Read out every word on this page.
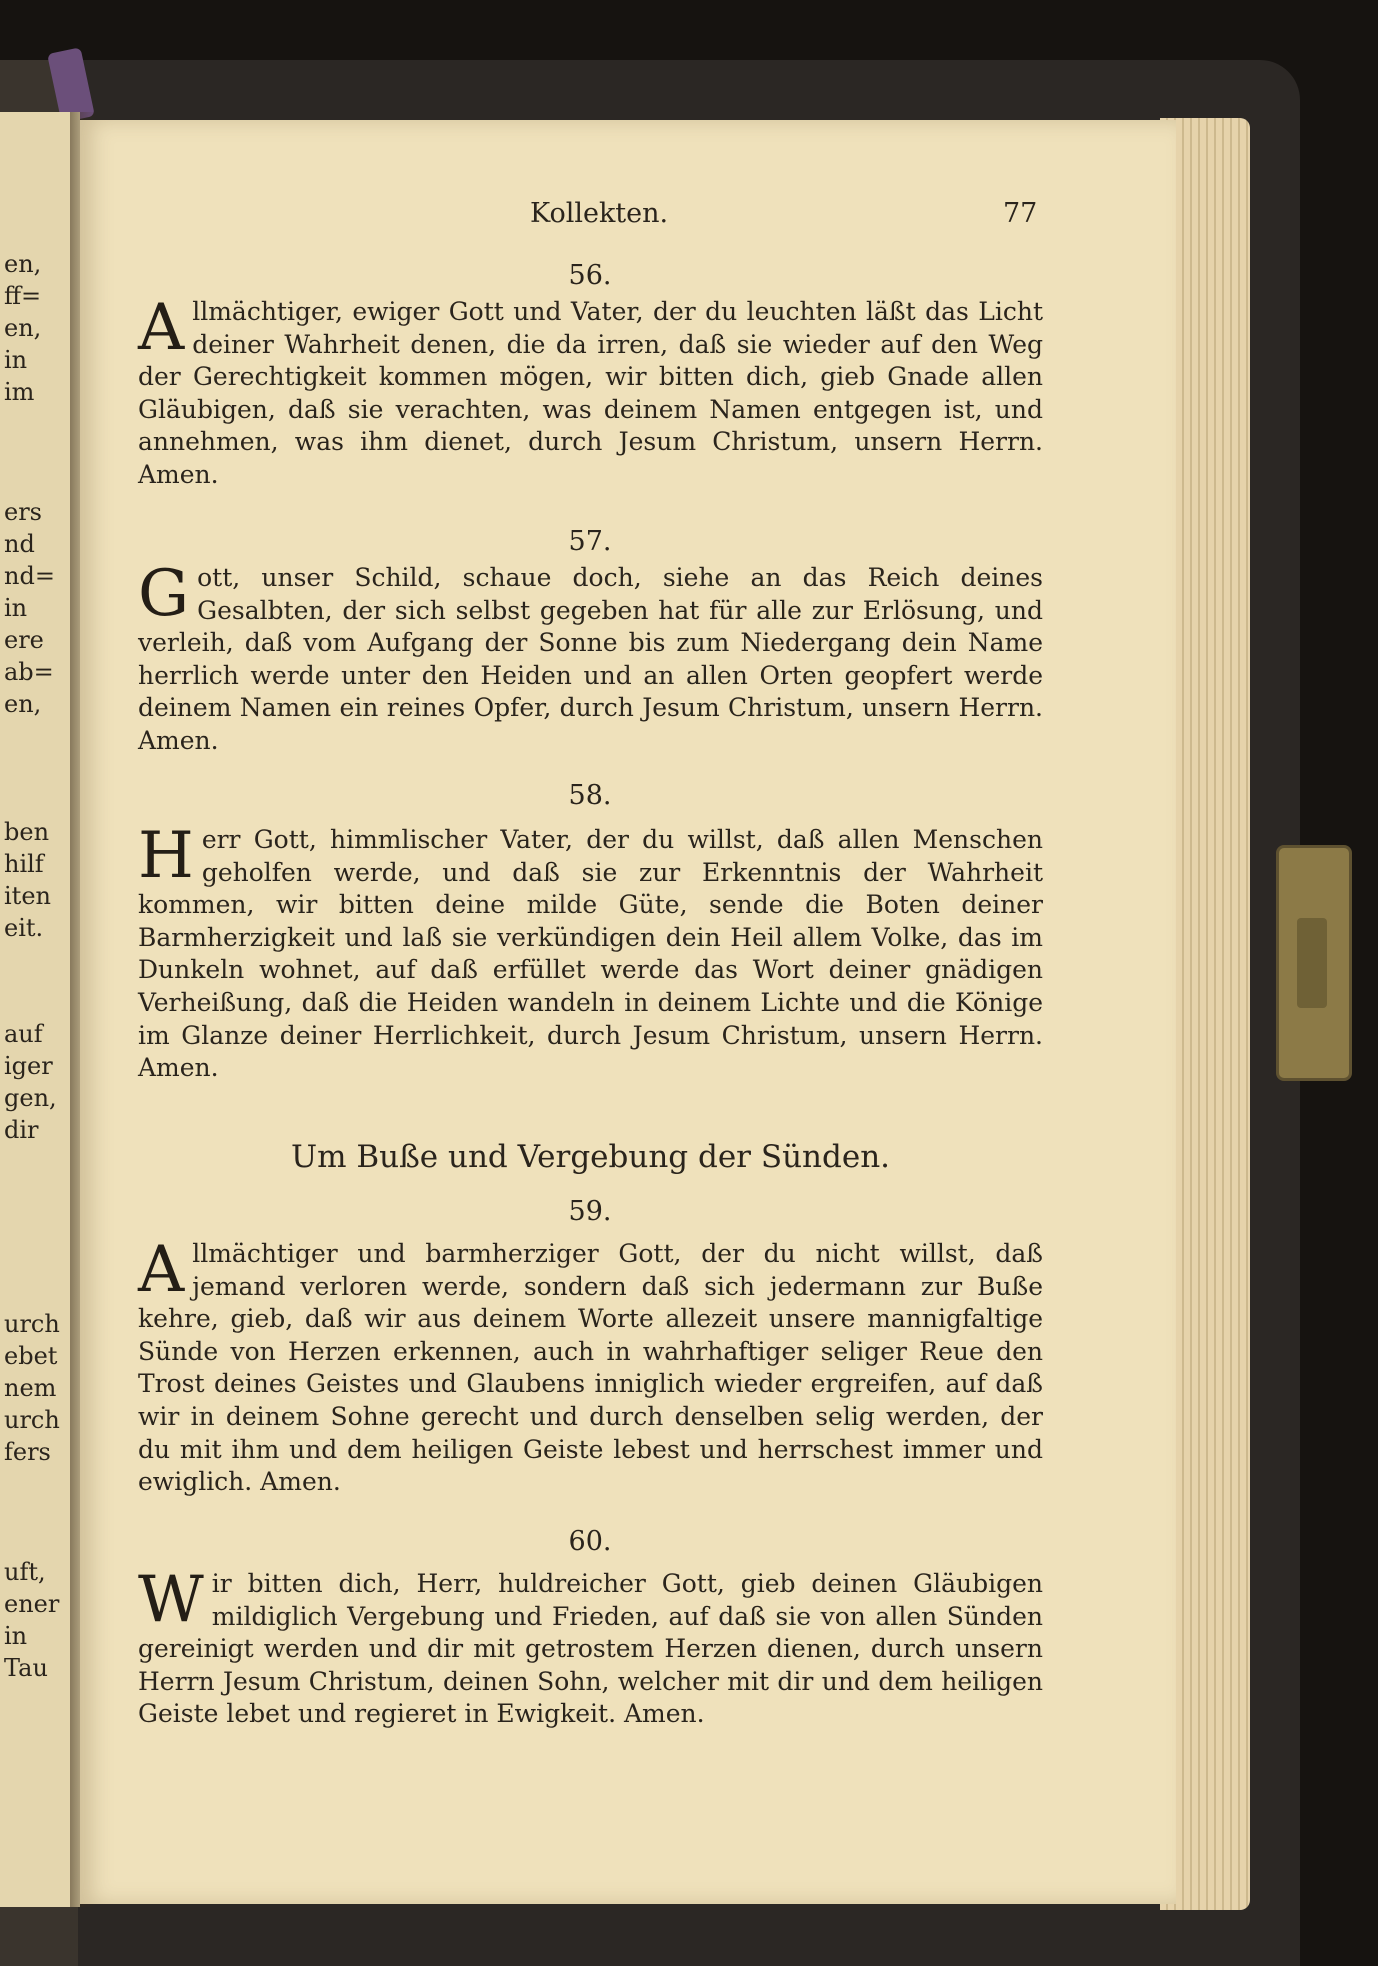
en,
ff=
en,
in
im
ers
nd
nd=
in
ere
ab=
en,
ben
hilf
iten
eit.
auf
iger
gen,
dir
urch
ebet
nem
urch
fers
uft,
ener
in
Tau
Kollekten.	77
56.
Allmächtiger, ewiger Gott und Vater, der du leuchten läßt das Licht deiner Wahrheit denen, die da irren, daß sie wieder auf den Weg der Gerechtigkeit kommen mögen, wir bitten dich, gieb Gnade allen Gläubigen, daß sie verachten, was deinem Namen entgegen ist, und annehmen, was ihm dienet, durch Jesum Christum, unsern Herrn. Amen.
57.
Gott, unser Schild, schaue doch, siehe an das Reich deines Gesalbten, der sich selbst gegeben hat für alle zur Erlösung, und verleih, daß vom Aufgang der Sonne bis zum Niedergang dein Name herrlich werde unter den Heiden und an allen Orten geopfert werde deinem Namen ein reines Opfer, durch Jesum Christum, unsern Herrn. Amen.
58.
Herr Gott, himmlischer Vater, der du willst, daß allen Menschen geholfen werde, und daß sie zur Erkenntnis der Wahrheit kommen, wir bitten deine milde Güte, sende die Boten deiner Barmherzigkeit und laß sie verkündigen dein Heil allem Volke, das im Dunkeln wohnet, auf daß erfüllet werde das Wort deiner gnädigen Verheißung, daß die Heiden wandeln in deinem Lichte und die Könige im Glanze deiner Herrlichkeit, durch Jesum Christum, unsern Herrn. Amen.
Um Buße und Vergebung der Sünden.
59.
Allmächtiger und barmherziger Gott, der du nicht willst, daß jemand verloren werde, sondern daß sich jedermann zur Buße kehre, gieb, daß wir aus deinem Worte allezeit unsere mannigfaltige Sünde von Herzen erkennen, auch in wahrhaftiger seliger Reue den Trost deines Geistes und Glaubens inniglich wieder ergreifen, auf daß wir in deinem Sohne gerecht und durch denselben selig werden, der du mit ihm und dem heiligen Geiste lebest und herrschest immer und ewiglich. Amen.
60.
Wir bitten dich, Herr, huldreicher Gott, gieb deinen Gläubigen mildiglich Vergebung und Frieden, auf daß sie von allen Sünden gereinigt werden und dir mit getrostem Herzen dienen, durch unsern Herrn Jesum Christum, deinen Sohn, welcher mit dir und dem heiligen Geiste lebet und regieret in Ewigkeit. Amen.
